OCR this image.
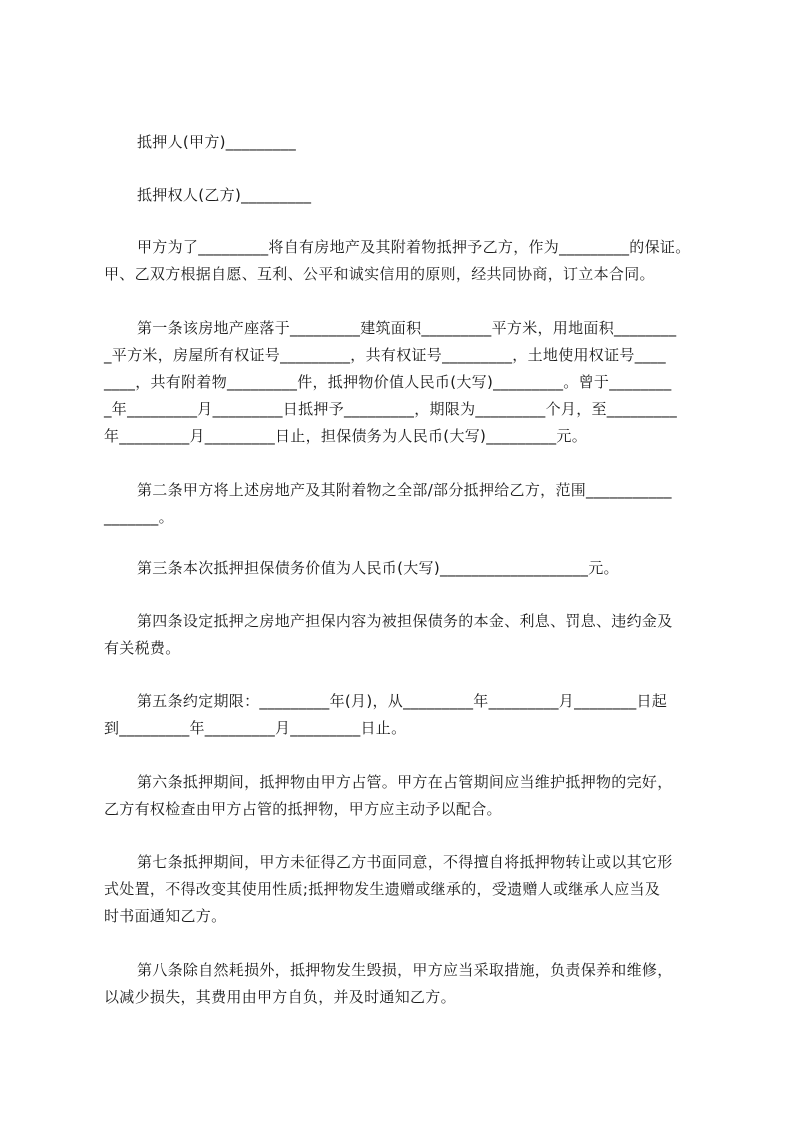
抵押人(甲方)_________
抵押权人(乙方)_________
甲方为了_________将自有房地产及其附着物抵押予乙方，作为_________的保证。
甲、乙双方根据自愿、互利、公平和诚实信用的原则，经共同协商，订立本合同。
第一条该房地产座落于_________建筑面积_________平方米，用地面积________
_平方米，房屋所有权证号_________，共有权证号_________，土地使用权证号____
____，共有附着物_________件，抵押物价值人民币(大写)_________。曾于________
_年_________月_________日抵押予_________，期限为_________个月，至_________
年_________月_________日止，担保债务为人民币(大写)_________元。
第二条甲方将上述房地产及其附着物之全部/部分抵押给乙方，范围___________
_______。
第三条本次抵押担保债务价值为人民币(大写)___________________元。
第四条设定抵押之房地产担保内容为被担保债务的本金、利息、罚息、违约金及
有关税费。
第五条约定期限：_________年(月)，从_________年_________月________日起
到_________年_________月_________日止。
第六条抵押期间，抵押物由甲方占管。甲方在占管期间应当维护抵押物的完好，
乙方有权检查由甲方占管的抵押物，甲方应主动予以配合。
第七条抵押期间，甲方未征得乙方书面同意，不得擅自将抵押物转让或以其它形
式处置，不得改变其使用性质;抵押物发生遗赠或继承的，受遗赠人或继承人应当及
时书面通知乙方。
第八条除自然耗损外，抵押物发生毁损，甲方应当采取措施，负责保养和维修，
以减少损失，其费用由甲方自负，并及时通知乙方。
